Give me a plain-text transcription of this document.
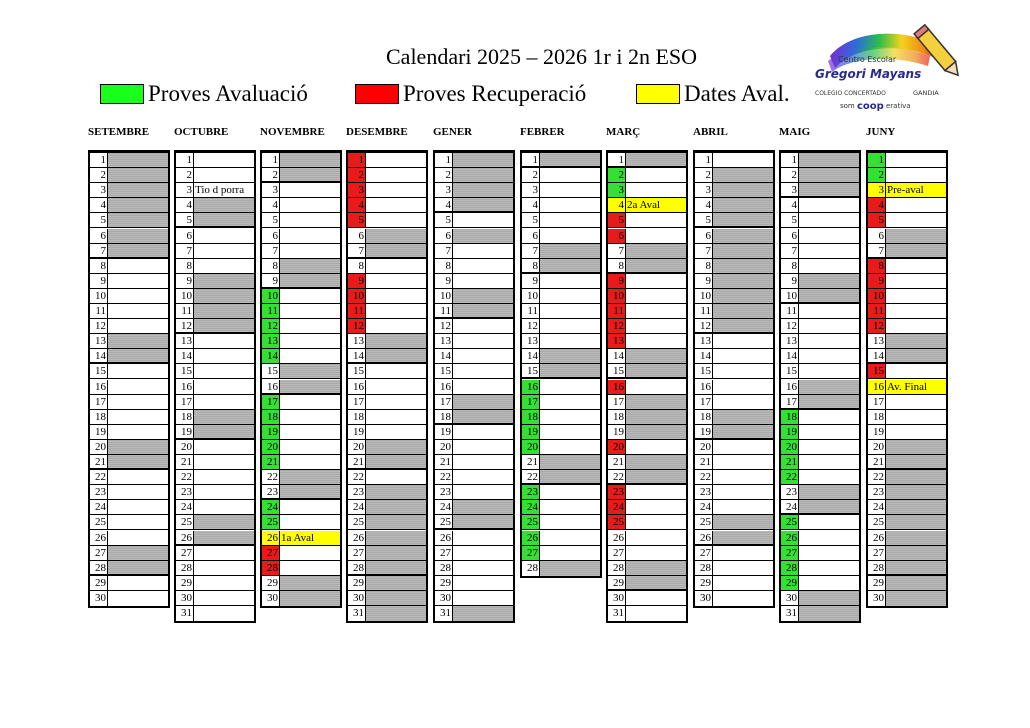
Calendari 2025 – 2026 1r i 2n ESO
Proves Avaluació	Proves Recuperació	Dates Aval.
Centro Escolar
Gregori Mayans
COLEGIO CONCERTADO	GANDIA
som coop erativa
SETEMBRE
1
2
3
4
5
6
7
8
9
10
11
12
13
14
15
16
17
18
19
20
21
22
23
24
25
26
27
28
29
30
OCTUBRE
1
2
3 Tio d porra
4
5
6
7
8
9
10
11
12
13
14
15
16
17
18
19
20
21
22
23
24
25
26
27
28
29
30
31
NOVEMBRE
1
2
3
4
5
6
7
8
9
10
11
12
13
14
15
16
17
18
19
20
21
22
23
24
25
26 1a Aval
27
28
29
30
DESEMBRE
1
2
3
4
5
6
7
8
9
10
11
12
13
14
15
16
17
18
19
20
21
22
23
24
25
26
27
28
29
30
31
GENER
1
2
3
4
5
6
7
8
9
10
11
12
13
14
15
16
17
18
19
20
21
22
23
24
25
26
27
28
29
30
31
FEBRER
1
2
3
4
5
6
7
8
9
10
11
12
13
14
15
16
17
18
19
20
21
22
23
24
25
26
27
28
MARÇ
1
2
3
4 2a Aval
5
6
7
8
9
10
11
12
13
14
15
16
17
18
19
20
21
22
23
24
25
26
27
28
29
30
31
ABRIL
1
2
3
4
5
6
7
8
9
10
11
12
13
14
15
16
17
18
19
20
21
22
23
24
25
26
27
28
29
30
MAIG
1
2
3
4
5
6
7
8
9
10
11
12
13
14
15
16
17
18
19
20
21
22
23
24
25
26
27
28
29
30
31
JUNY
1
2
3 Pre-aval
4
5
6
7
8
9
10
11
12
13
14
15
16 Av. Final
17
18
19
20
21
22
23
24
25
26
27
28
29
30
